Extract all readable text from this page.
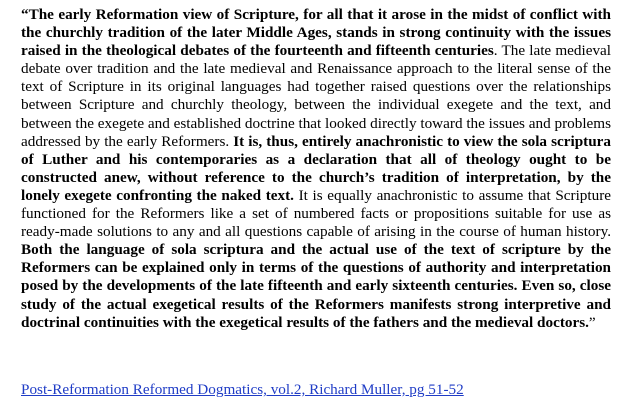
“The early Reformation view of Scripture, for all that it arose in the midst of conflict with the churchly tradition of the later Middle Ages, stands in strong continuity with the issues raised in the theological debates of the fourteenth and fifteenth centuries. The late medieval debate over tradition and the late medieval and Renaissance approach to the literal sense of the text of Scripture in its original languages had together raised questions over the relationships between Scripture and churchly theology, between the individual exegete and the text, and between the exegete and established doctrine that looked directly toward the issues and problems addressed by the early Reformers. It is, thus, entirely anachronistic to view the sola scriptura of Luther and his contemporaries as a declaration that all of theology ought to be constructed anew, without reference to the church’s tradition of interpretation, by the lonely exegete confronting the naked text. It is equally anachronistic to assume that Scripture functioned for the Reformers like a set of numbered facts or propositions suitable for use as ready-made solutions to any and all questions capable of arising in the course of human history. Both the language of sola scriptura and the actual use of the text of scripture by the Reformers can be explained only in terms of the questions of authority and interpretation posed by the developments of the late fifteenth and early sixteenth centuries. Even so, close study of the actual exegetical results of the Reformers manifests strong interpretive and doctrinal continuities with the exegetical results of the fathers and the medieval doctors.”

Post-Reformation Reformed Dogmatics, vol.2, Richard Muller, pg 51-52
